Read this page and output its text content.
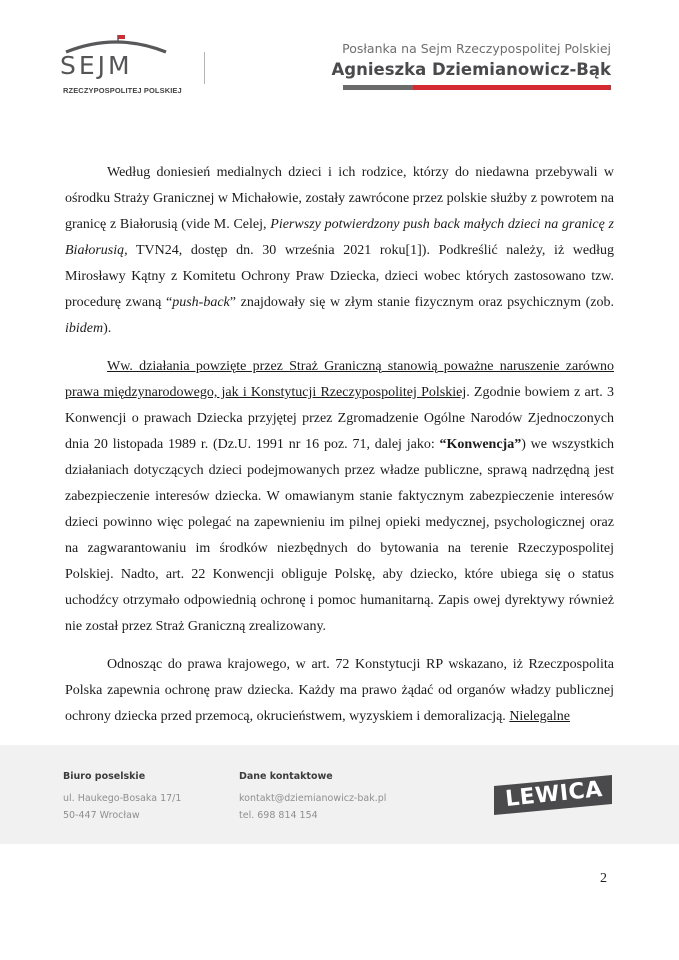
SEJM
RZECZYPOSPOLITEJ POLSKIEJ
Posłanka na Sejm Rzeczypospolitej Polskiej
Agnieszka Dziemianowicz-Bąk

Według doniesień medialnych dzieci i ich rodzice, którzy do niedawna przebywali w ośrodku Straży Granicznej w Michałowie, zostały zawrócone przez polskie służby z powrotem na granicę z Białorusią (vide M. Celej, Pierwszy potwierdzony push back małych dzieci na granicę z Białorusią, TVN24, dostęp dn. 30 września 2021 roku[1]). Podkreślić należy, iż według Mirosławy Kątny z Komitetu Ochrony Praw Dziecka, dzieci wobec których zastosowano tzw. procedurę zwaną “push-back” znajdowały się w złym stanie fizycznym oraz psychicznym (zob. ibidem).

Ww. działania powzięte przez Straż Graniczną stanowią poważne naruszenie zarówno prawa międzynarodowego, jak i Konstytucji Rzeczypospolitej Polskiej. Zgodnie bowiem z art. 3 Konwencji o prawach Dziecka przyjętej przez Zgromadzenie Ogólne Narodów Zjednoczonych dnia 20 listopada 1989 r. (Dz.U. 1991 nr 16 poz. 71, dalej jako: “Konwencja”) we wszystkich działaniach dotyczących dzieci podejmowanych przez władze publiczne, sprawą nadrzędną jest zabezpieczenie interesów dziecka. W omawianym stanie faktycznym zabezpieczenie interesów dzieci powinno więc polegać na zapewnieniu im pilnej opieki medycznej, psychologicznej oraz na zagwarantowaniu im środków niezbędnych do bytowania na terenie Rzeczypospolitej Polskiej. Nadto, art. 22 Konwencji obliguje Polskę, aby dziecko, które ubiega się o status uchodźcy otrzymało odpowiednią ochronę i pomoc humanitarną. Zapis owej dyrektywy również nie został przez Straż Graniczną zrealizowany.

Odnosząc do prawa krajowego, w art. 72 Konstytucji RP wskazano, iż Rzeczpospolita Polska zapewnia ochronę praw dziecka. Każdy ma prawo żądać od organów władzy publicznej ochrony dziecka przed przemocą, okrucieństwem, wyzyskiem i demoralizacją. Nielegalne

Biuro poselskie
ul. Haukego-Bosaka 17/1
50-447 Wrocław
Dane kontaktowe
kontakt@dziemianowicz-bak.pl
tel. 698 814 154
LEWICA
2
